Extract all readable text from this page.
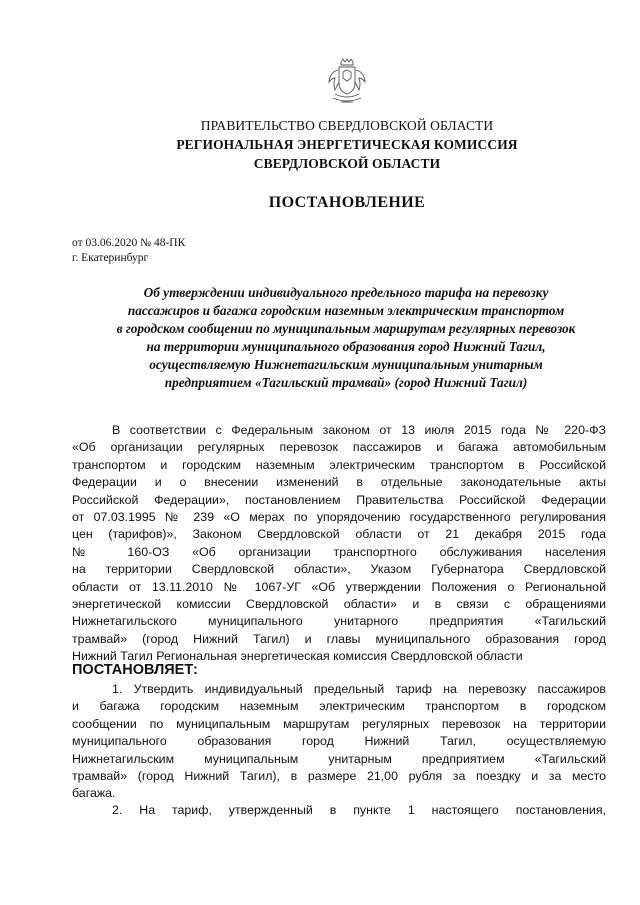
ПРАВИТЕЛЬСТВО СВЕРДЛОВСКОЙ ОБЛАСТИ
РЕГИОНАЛЬНАЯ ЭНЕРГЕТИЧЕСКАЯ КОМИССИЯ
СВЕРДЛОВСКОЙ ОБЛАСТИ
ПОСТАНОВЛЕНИЕ
от 03.06.2020 № 48-ПК
г. Екатеринбург
Об утверждении индивидуального предельного тарифа на перевозку
пассажиров и багажа городским наземным электрическим транспортом
в городском сообщении по муниципальным маршрутам регулярных перевозок
на территории муниципального образования город Нижний Тагил,
осуществляемую Нижнетагильским муниципальным унитарным
предприятием «Тагильский трамвай» (город Нижний Тагил)
В соответствии с Федеральным законом от 13 июля 2015 года № 220-ФЗ
«Об организации регулярных перевозок пассажиров и багажа автомобильным
транспортом и городским наземным электрическим транспортом в Российской
Федерации и о внесении изменений в отдельные законодательные акты
Российской Федерации», постановлением Правительства Российской Федерации
от 07.03.1995 № 239 «О мерах по упорядочению государственного регулирования
цен (тарифов)», Законом Свердловской области от 21 декабря 2015 года
№ 160-ОЗ «Об организации транспортного обслуживания населения
на территории Свердловской области», Указом Губернатора Свердловской
области от 13.11.2010 № 1067-УГ «Об утверждении Положения о Региональной
энергетической комиссии Свердловской области» и в связи с обращениями
Нижнетагильского муниципального унитарного предприятия «Тагильский
трамвай» (город Нижний Тагил) и главы муниципального образования город
Нижний Тагил Региональная энергетическая комиссия Свердловской области
ПОСТАНОВЛЯЕТ:
1. Утвердить индивидуальный предельный тариф на перевозку пассажиров
и багажа городским наземным электрическим транспортом в городском
сообщении по муниципальным маршрутам регулярных перевозок на территории
муниципального образования город Нижний Тагил, осуществляемую
Нижнетагильским муниципальным унитарным предприятием «Тагильский
трамвай» (город Нижний Тагил), в размере 21,00 рубля за поездку и за место
багажа.
2. На тариф, утвержденный в пункте 1 настоящего постановления,
